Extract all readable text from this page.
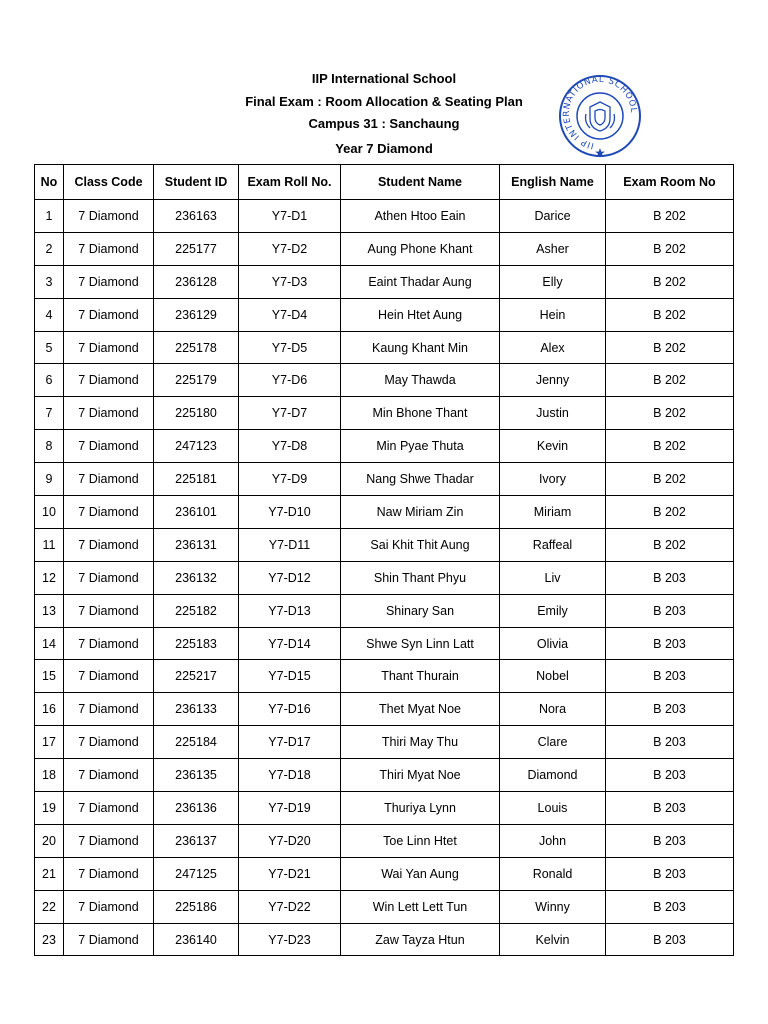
IIP International School
Final Exam : Room Allocation & Seating Plan
Campus 31 : Sanchaung
Year 7 Diamond	IIP INTERNATIONAL SCHOOL
No	Class Code	Student ID	Exam Roll No.	Student Name	English Name	Exam Room No
1	7 Diamond	236163	Y7-D1	Athen Htoo Eain	Darice	B 202
2	7 Diamond	225177	Y7-D2	Aung Phone Khant	Asher	B 202
3	7 Diamond	236128	Y7-D3	Eaint Thadar Aung	Elly	B 202
4	7 Diamond	236129	Y7-D4	Hein Htet Aung	Hein	B 202
5	7 Diamond	225178	Y7-D5	Kaung Khant Min	Alex	B 202
6	7 Diamond	225179	Y7-D6	May Thawda	Jenny	B 202
7	7 Diamond	225180	Y7-D7	Min Bhone Thant	Justin	B 202
8	7 Diamond	247123	Y7-D8	Min Pyae Thuta	Kevin	B 202
9	7 Diamond	225181	Y7-D9	Nang Shwe Thadar	Ivory	B 202
10	7 Diamond	236101	Y7-D10	Naw Miriam Zin	Miriam	B 202
11	7 Diamond	236131	Y7-D11	Sai Khit Thit Aung	Raffeal	B 202
12	7 Diamond	236132	Y7-D12	Shin Thant Phyu	Liv	B 203
13	7 Diamond	225182	Y7-D13	Shinary San	Emily	B 203
14	7 Diamond	225183	Y7-D14	Shwe Syn Linn Latt	Olivia	B 203
15	7 Diamond	225217	Y7-D15	Thant Thurain	Nobel	B 203
16	7 Diamond	236133	Y7-D16	Thet Myat Noe	Nora	B 203
17	7 Diamond	225184	Y7-D17	Thiri May Thu	Clare	B 203
18	7 Diamond	236135	Y7-D18	Thiri Myat Noe	Diamond	B 203
19	7 Diamond	236136	Y7-D19	Thuriya Lynn	Louis	B 203
20	7 Diamond	236137	Y7-D20	Toe Linn Htet	John	B 203
21	7 Diamond	247125	Y7-D21	Wai Yan Aung	Ronald	B 203
22	7 Diamond	225186	Y7-D22	Win Lett Lett Tun	Winny	B 203
23	7 Diamond	236140	Y7-D23	Zaw Tayza Htun	Kelvin	B 203
